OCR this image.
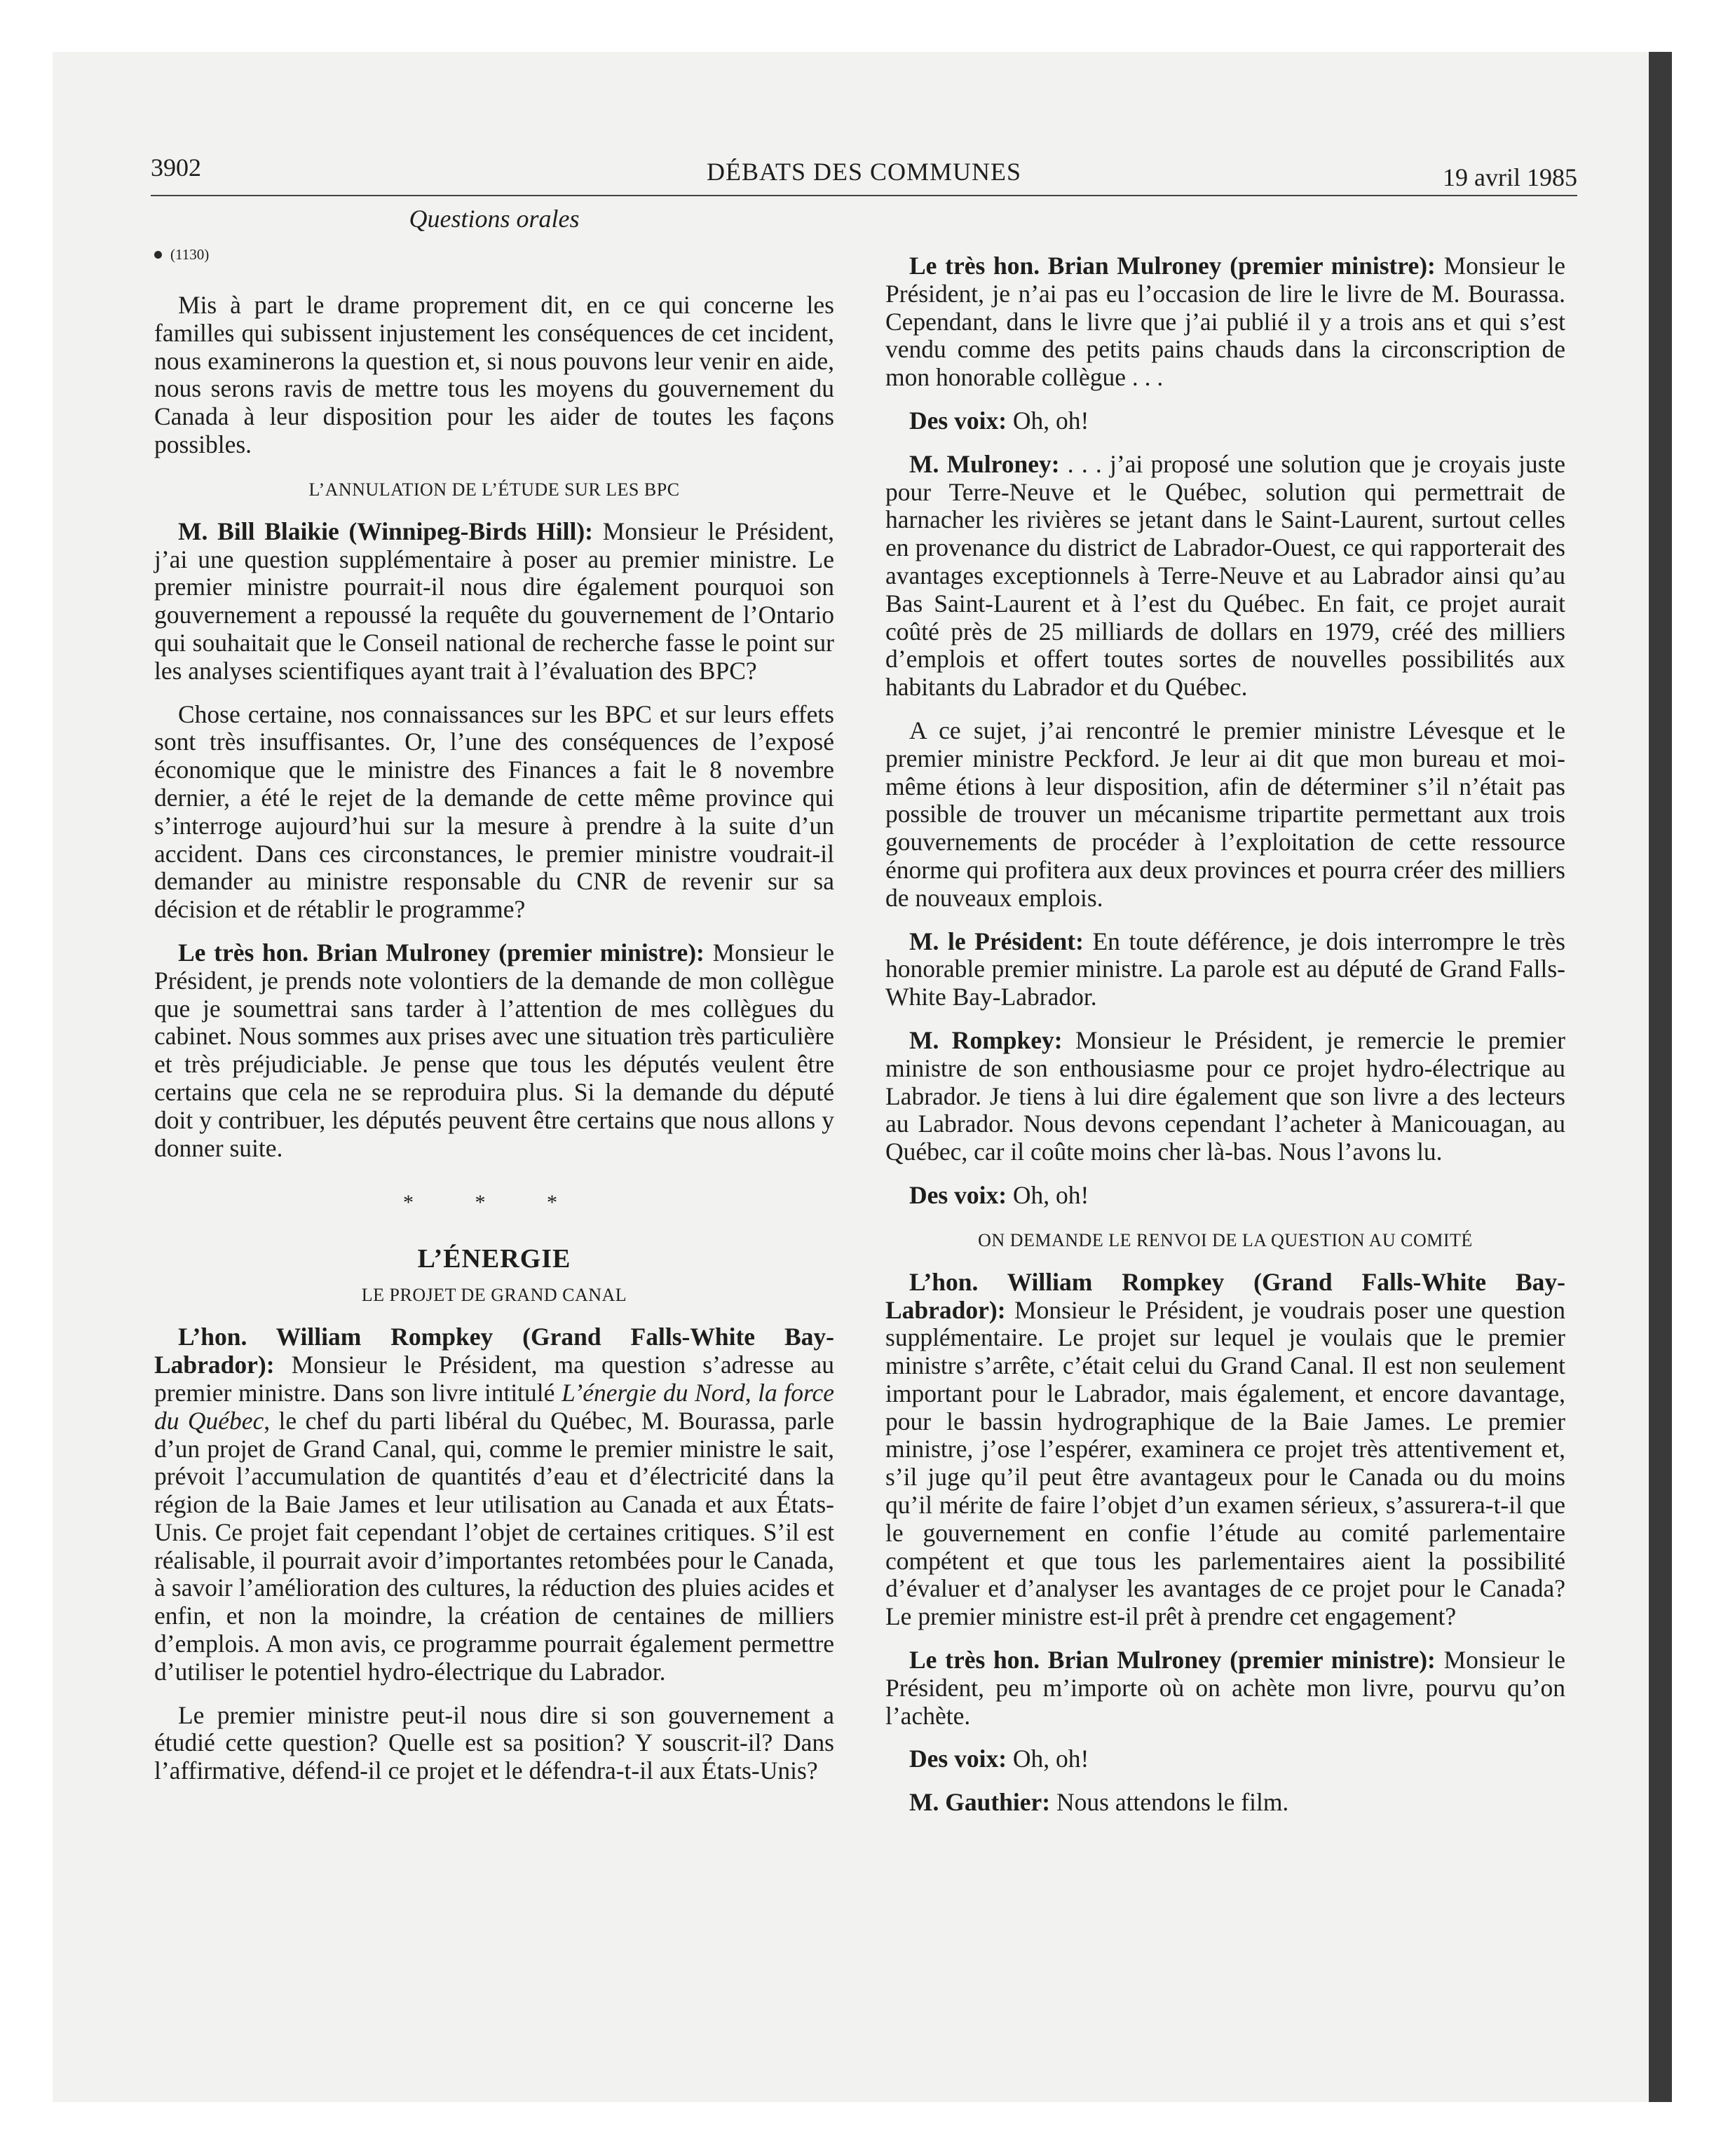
3902	DÉBATS DES COMMUNES	19 avril 1985
Questions orales
(1130)

Mis à part le drame proprement dit, en ce qui concerne les familles qui subissent injustement les conséquences de cet incident, nous examinerons la question et, si nous pouvons leur venir en aide, nous serons ravis de mettre tous les moyens du gouvernement du Canada à leur disposition pour les aider de toutes les façons possibles.

L’ANNULATION DE L’ÉTUDE SUR LES BPC

M. Bill Blaikie (Winnipeg-Birds Hill): Monsieur le Président, j’ai une question supplémentaire à poser au premier ministre. Le premier ministre pourrait-il nous dire également pourquoi son gouvernement a repoussé la requête du gouvernement de l’Ontario qui souhaitait que le Conseil national de recherche fasse le point sur les analyses scientifiques ayant trait à l’évaluation des BPC?

Chose certaine, nos connaissances sur les BPC et sur leurs effets sont très insuffisantes. Or, l’une des conséquences de l’exposé économique que le ministre des Finances a fait le 8 novembre dernier, a été le rejet de la demande de cette même province qui s’interroge aujourd’hui sur la mesure à prendre à la suite d’un accident. Dans ces circonstances, le premier ministre voudrait-il demander au ministre responsable du CNR de revenir sur sa décision et de rétablir le programme?

Le très hon. Brian Mulroney (premier ministre): Monsieur le Président, je prends note volontiers de la demande de mon collègue que je soumettrai sans tarder à l’attention de mes collègues du cabinet. Nous sommes aux prises avec une situation très particulière et très préjudiciable. Je pense que tous les députés veulent être certains que cela ne se reproduira plus. Si la demande du député doit y contribuer, les députés peuvent être certains que nous allons y donner suite.

* * *
L’ÉNERGIE
LE PROJET DE GRAND CANAL

L’hon. William Rompkey (Grand Falls-White Bay-Labrador): Monsieur le Président, ma question s’adresse au premier ministre. Dans son livre intitulé L’énergie du Nord, la force du Québec, le chef du parti libéral du Québec, M. Bourassa, parle d’un projet de Grand Canal, qui, comme le premier ministre le sait, prévoit l’accumulation de quantités d’eau et d’électricité dans la région de la Baie James et leur utilisation au Canada et aux États-Unis. Ce projet fait cependant l’objet de certaines critiques. S’il est réalisable, il pourrait avoir d’importantes retombées pour le Canada, à savoir l’amélioration des cultures, la réduction des pluies acides et enfin, et non la moindre, la création de centaines de milliers d’emplois. A mon avis, ce programme pourrait également permettre d’utiliser le potentiel hydro-électrique du Labrador.

Le premier ministre peut-il nous dire si son gouvernement a étudié cette question? Quelle est sa position? Y souscrit-il? Dans l’affirmative, défend-il ce projet et le défendra-t-il aux États-Unis?

Le très hon. Brian Mulroney (premier ministre): Monsieur le Président, je n’ai pas eu l’occasion de lire le livre de M. Bourassa. Cependant, dans le livre que j’ai publié il y a trois ans et qui s’est vendu comme des petits pains chauds dans la circonscription de mon honorable collègue . . .

Des voix: Oh, oh!

M. Mulroney: . . . j’ai proposé une solution que je croyais juste pour Terre-Neuve et le Québec, solution qui permettrait de harnacher les rivières se jetant dans le Saint-Laurent, surtout celles en provenance du district de Labrador-Ouest, ce qui rapporterait des avantages exceptionnels à Terre-Neuve et au Labrador ainsi qu’au Bas Saint-Laurent et à l’est du Québec. En fait, ce projet aurait coûté près de 25 milliards de dollars en 1979, créé des milliers d’emplois et offert toutes sortes de nouvelles possibilités aux habitants du Labrador et du Québec.

A ce sujet, j’ai rencontré le premier ministre Lévesque et le premier ministre Peckford. Je leur ai dit que mon bureau et moi-même étions à leur disposition, afin de déterminer s’il n’était pas possible de trouver un mécanisme tripartite permettant aux trois gouvernements de procéder à l’exploitation de cette ressource énorme qui profitera aux deux provinces et pourra créer des milliers de nouveaux emplois.

M. le Président: En toute déférence, je dois interrompre le très honorable premier ministre. La parole est au député de Grand Falls-White Bay-Labrador.

M. Rompkey: Monsieur le Président, je remercie le premier ministre de son enthousiasme pour ce projet hydro-électrique au Labrador. Je tiens à lui dire également que son livre a des lecteurs au Labrador. Nous devons cependant l’acheter à Manicouagan, au Québec, car il coûte moins cher là-bas. Nous l’avons lu.

Des voix: Oh, oh!

ON DEMANDE LE RENVOI DE LA QUESTION AU COMITÉ

L’hon. William Rompkey (Grand Falls-White Bay-Labrador): Monsieur le Président, je voudrais poser une question supplémentaire. Le projet sur lequel je voulais que le premier ministre s’arrête, c’était celui du Grand Canal. Il est non seulement important pour le Labrador, mais également, et encore davantage, pour le bassin hydrographique de la Baie James. Le premier ministre, j’ose l’espérer, examinera ce projet très attentivement et, s’il juge qu’il peut être avantageux pour le Canada ou du moins qu’il mérite de faire l’objet d’un examen sérieux, s’assurera-t-il que le gouvernement en confie l’étude au comité parlementaire compétent et que tous les parlementaires aient la possibilité d’évaluer et d’analyser les avantages de ce projet pour le Canada? Le premier ministre est-il prêt à prendre cet engagement?

Le très hon. Brian Mulroney (premier ministre): Monsieur le Président, peu m’importe où on achète mon livre, pourvu qu’on l’achète.

Des voix: Oh, oh!

M. Gauthier: Nous attendons le film.
